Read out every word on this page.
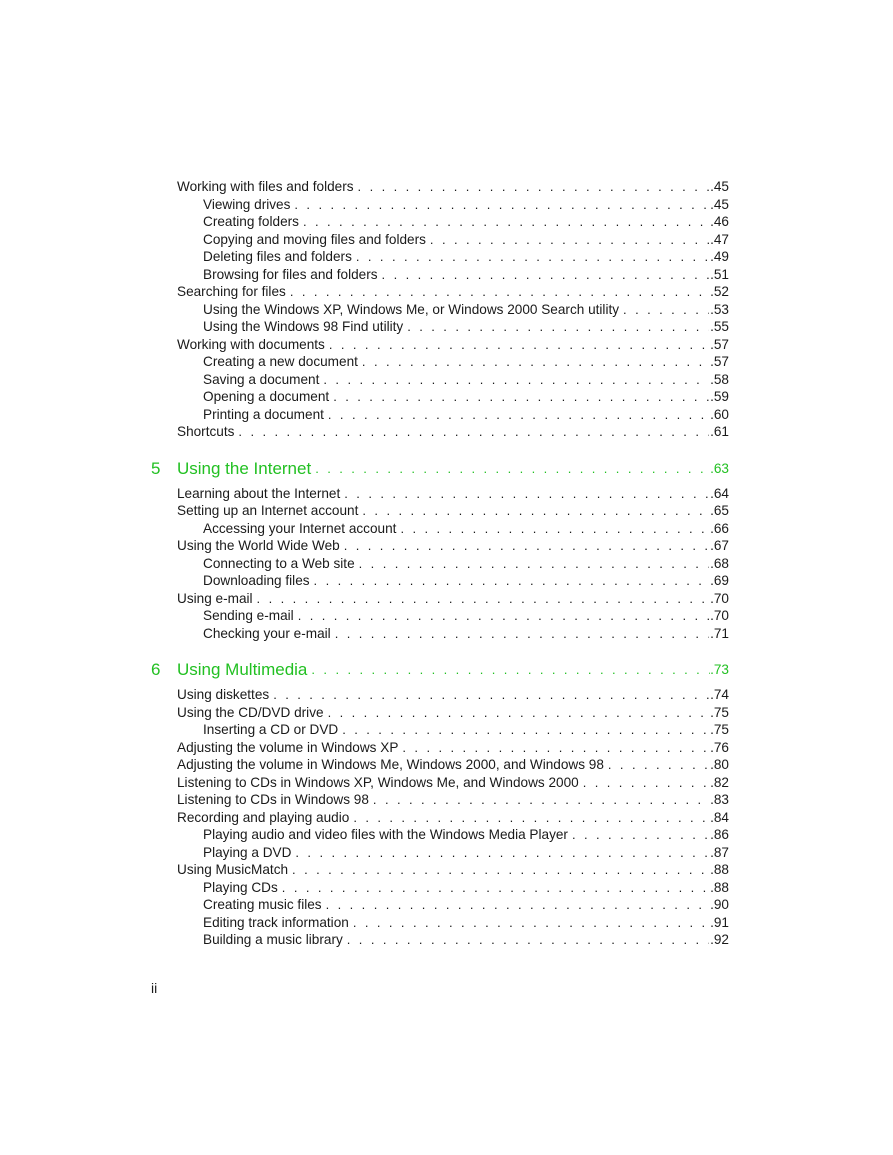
Working with files and folders . . .	.45
Viewing drives . . .	.45
Creating folders . . .	.46
Copying and moving files and folders . . .	.47
Deleting files and folders . . .	.49
Browsing for files and folders . . .	.51
Searching for files . . .	.52
Using the Windows XP, Windows Me, or Windows 2000 Search utility . . .	.53
Using the Windows 98 Find utility . . .	.55
Working with documents . . .	.57
Creating a new document . . .	.57
Saving a document . . .	.58
Opening a document . . .	.59
Printing a document . . .	.60
Shortcuts . . .	.61
5 Using the Internet . . .	.63
Learning about the Internet . . .	.64
Setting up an Internet account . . .	.65
Accessing your Internet account . . .	.66
Using the World Wide Web . . .	.67
Connecting to a Web site . . .	.68
Downloading files . . .	.69
Using e-mail . . .	.70
Sending e-mail . . .	.70
Checking your e-mail . . .	.71
6 Using Multimedia . . .	.73
Using diskettes . . .	.74
Using the CD/DVD drive . . .	.75
Inserting a CD or DVD . . .	.75
Adjusting the volume in Windows XP . . .	.76
Adjusting the volume in Windows Me, Windows 2000, and Windows 98 . . .	.80
Listening to CDs in Windows XP, Windows Me, and Windows 2000 . . .	.82
Listening to CDs in Windows 98 . . .	.83
Recording and playing audio . . .	.84
Playing audio and video files with the Windows Media Player . . .	.86
Playing a DVD . . .	.87
Using MusicMatch . . .	.88
Playing CDs . . .	.88
Creating music files . . .	.90
Editing track information . . .	.91
Building a music library . . .	.92
ii
